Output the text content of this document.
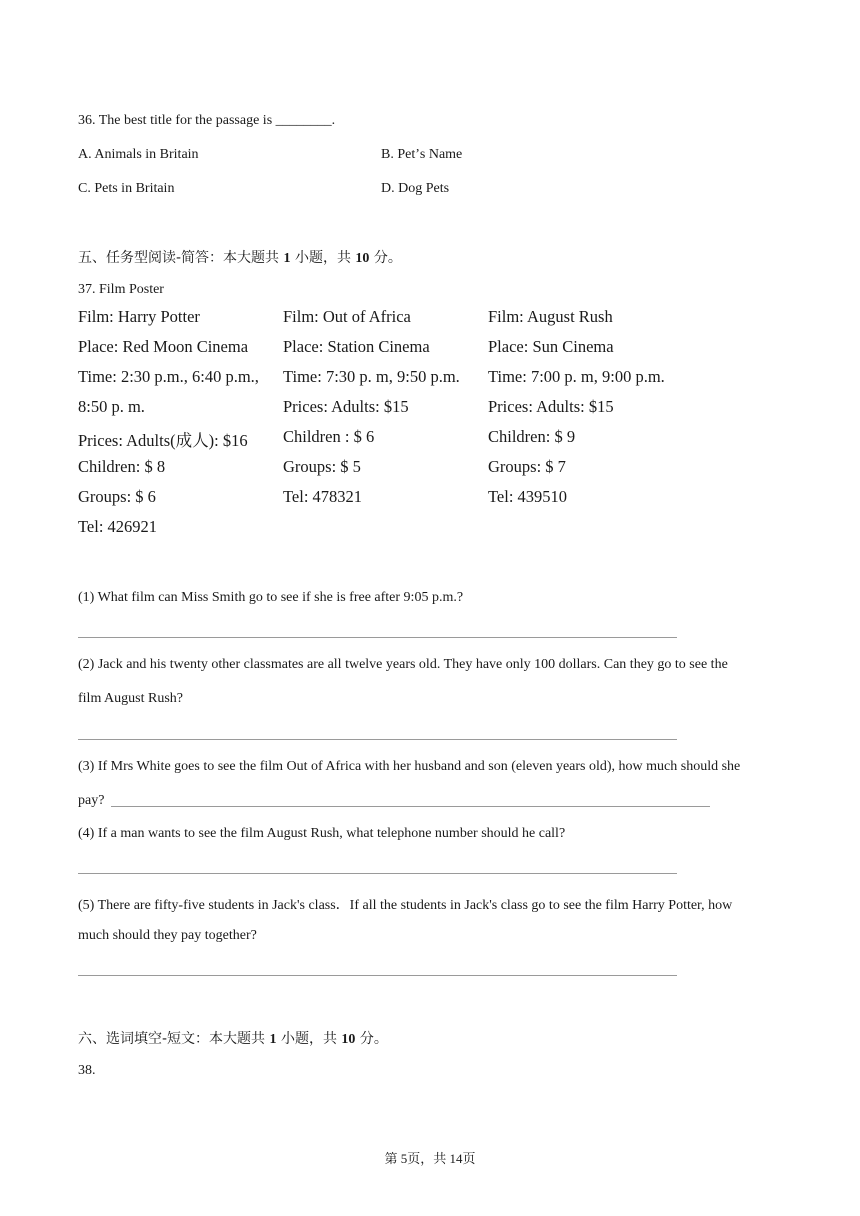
36. The best title for the passage is ________.
A. Animals in Britain	B. Petʼs Name
C. Pets in Britain	D. Dog Pets
五、任务型阅读-简答：本大题共 1 小题，共 10 分。
37. Film Poster
Film: Harry Potter
Place: Red Moon Cinema
Time: 2:30 p.m., 6:40 p.m.,
8:50 p. m.
Prices: Adults(成人): $16
Children: $ 8
Groups: $ 6
Tel: 426921
Film: Out of Africa
Place: Station Cinema
Time: 7:30 p. m, 9:50 p.m.
Prices: Adults: $15
Children : $ 6
Groups: $ 5
Tel: 478321
Film: August Rush
Place: Sun Cinema
Time: 7:00 p. m, 9:00 p.m.
Prices: Adults: $15
Children: $ 9
Groups: $ 7
Tel: 439510
(1) What film can Miss Smith go to see if she is free after 9:05 p.m.?
(2) Jack and his twenty other classmates are all twelve years old. They have only 100 dollars. Can they go to see the
film August Rush?
(3) If Mrs White goes to see the film Out of Africa with her husband and son (eleven years old), how much should she
pay?
(4) If a man wants to see the film August Rush, what telephone number should he call?
(5) There are fifty-five students in Jack's class．If all the students in Jack's class go to see the film Harry Potter, how
much should they pay together?
六、选词填空-短文：本大题共 1 小题，共 10 分。
38.
第 5页，共 14页
